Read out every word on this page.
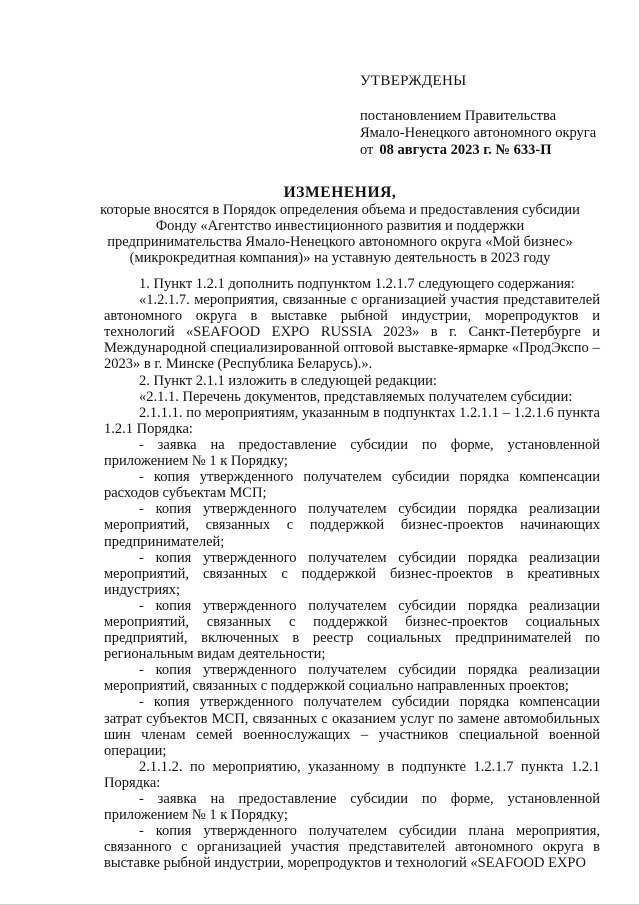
УТВЕРЖДЕНЫ
постановлением Правительства
Ямало-Ненецкого автономного округа
от 08 августа 2023 г. № 633-П
ИЗМЕНЕНИЯ,
которые вносятся в Порядок определения объема и предоставления субсидии
Фонду «Агентство инвестиционного развития и поддержки
предпринимательства Ямало-Ненецкого автономного округа «Мой бизнес»
(микрокредитная компания)» на уставную деятельность в 2023 году

1. Пункт 1.2.1 дополнить подпунктом 1.2.1.7 следующего содержания:

«1.2.1.7. мероприятия, связанные с организацией участия представителей автономного округа в выставке рыбной индустрии, морепродуктов и технологий «SEAFOOD EXPO RUSSIA 2023» в г. Санкт-Петербурге и Международной специализированной оптовой выставке-ярмарке «ПродЭкспо – 2023» в г. Минске (Республика Беларусь).».

2. Пункт 2.1.1 изложить в следующей редакции:

«2.1.1. Перечень документов, представляемых получателем субсидии:

2.1.1.1. по мероприятиям, указанным в подпунктах 1.2.1.1 – 1.2.1.6 пункта 1.2.1 Порядка:

- заявка на предоставление субсидии по форме, установленной приложением № 1 к Порядку;

- копия утвержденного получателем субсидии порядка компенсации расходов субъектам МСП;

- копия утвержденного получателем субсидии порядка реализации мероприятий, связанных с поддержкой бизнес-проектов начинающих предпринимателей;

- копия утвержденного получателем субсидии порядка реализации мероприятий, связанных с поддержкой бизнес-проектов в креативных индустриях;

- копия утвержденного получателем субсидии порядка реализации мероприятий, связанных с поддержкой бизнес-проектов социальных предприятий, включенных в реестр социальных предпринимателей по региональным видам деятельности;

- копия утвержденного получателем субсидии порядка реализации мероприятий, связанных с поддержкой социально направленных проектов;

- копия утвержденного получателем субсидии порядка компенсации затрат субъектов МСП, связанных с оказанием услуг по замене автомобильных шин членам семей военнослужащих – участников специальной военной операции;

2.1.1.2. по мероприятию, указанному в подпункте 1.2.1.7 пункта 1.2.1 Порядка:

- заявка на предоставление субсидии по форме, установленной приложением № 1 к Порядку;

- копия утвержденного получателем субсидии плана мероприятия, связанного с организацией участия представителей автономного округа в выставке рыбной индустрии, морепродуктов и технологий «SEAFOOD EXPO
